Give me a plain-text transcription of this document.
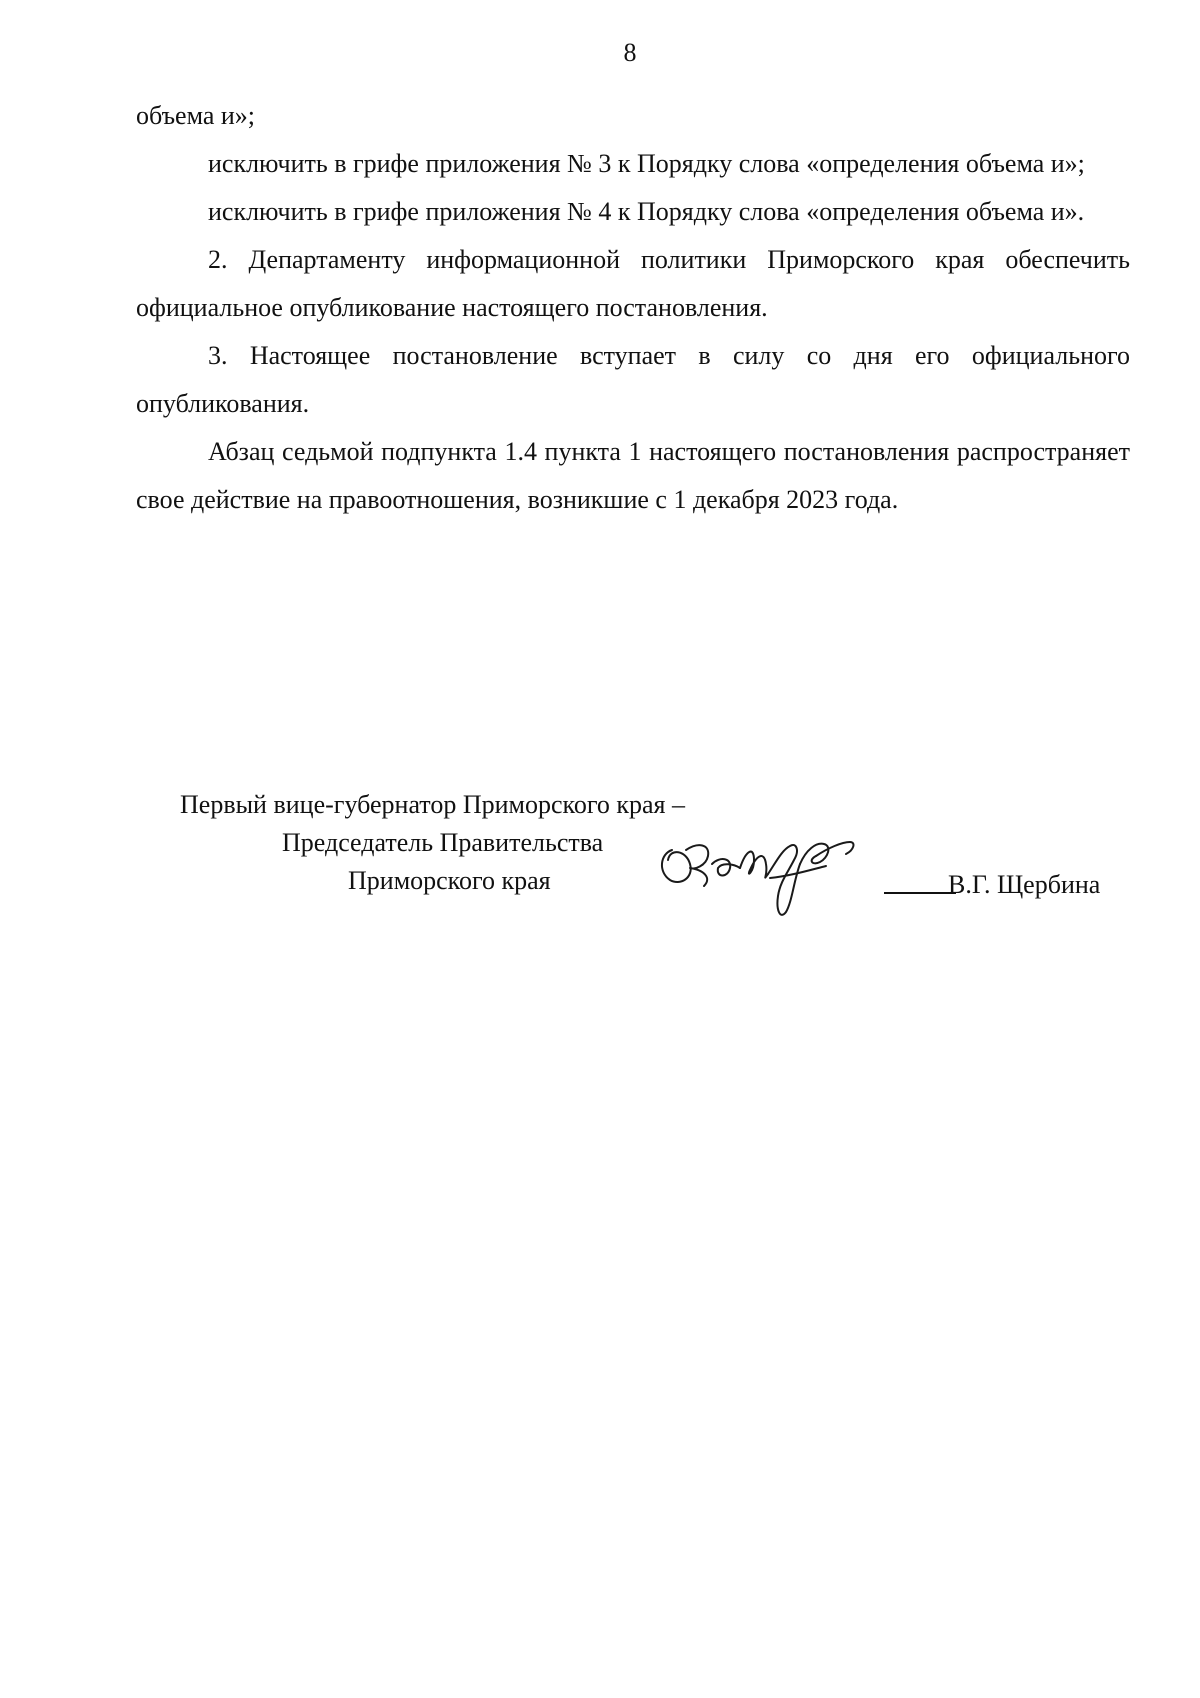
8

объема и»;

исключить в грифе приложения № 3 к Порядку слова «определения объема и»;

исключить в грифе приложения № 4 к Порядку слова «определения объема и».

2. Департаменту информационной политики Приморского края обеспечить официальное опубликование настоящего постановления.

3. Настоящее постановление вступает в силу со дня его официального опубликования.

Абзац седьмой подпункта 1.4 пункта 1 настоящего постановления распространяет свое действие на правоотношения, возникшие с 1 декабря 2023 года.

Первый вице-губернатор Приморского края –
Председатель Правительства
Приморского края	В.Г. Щербина
